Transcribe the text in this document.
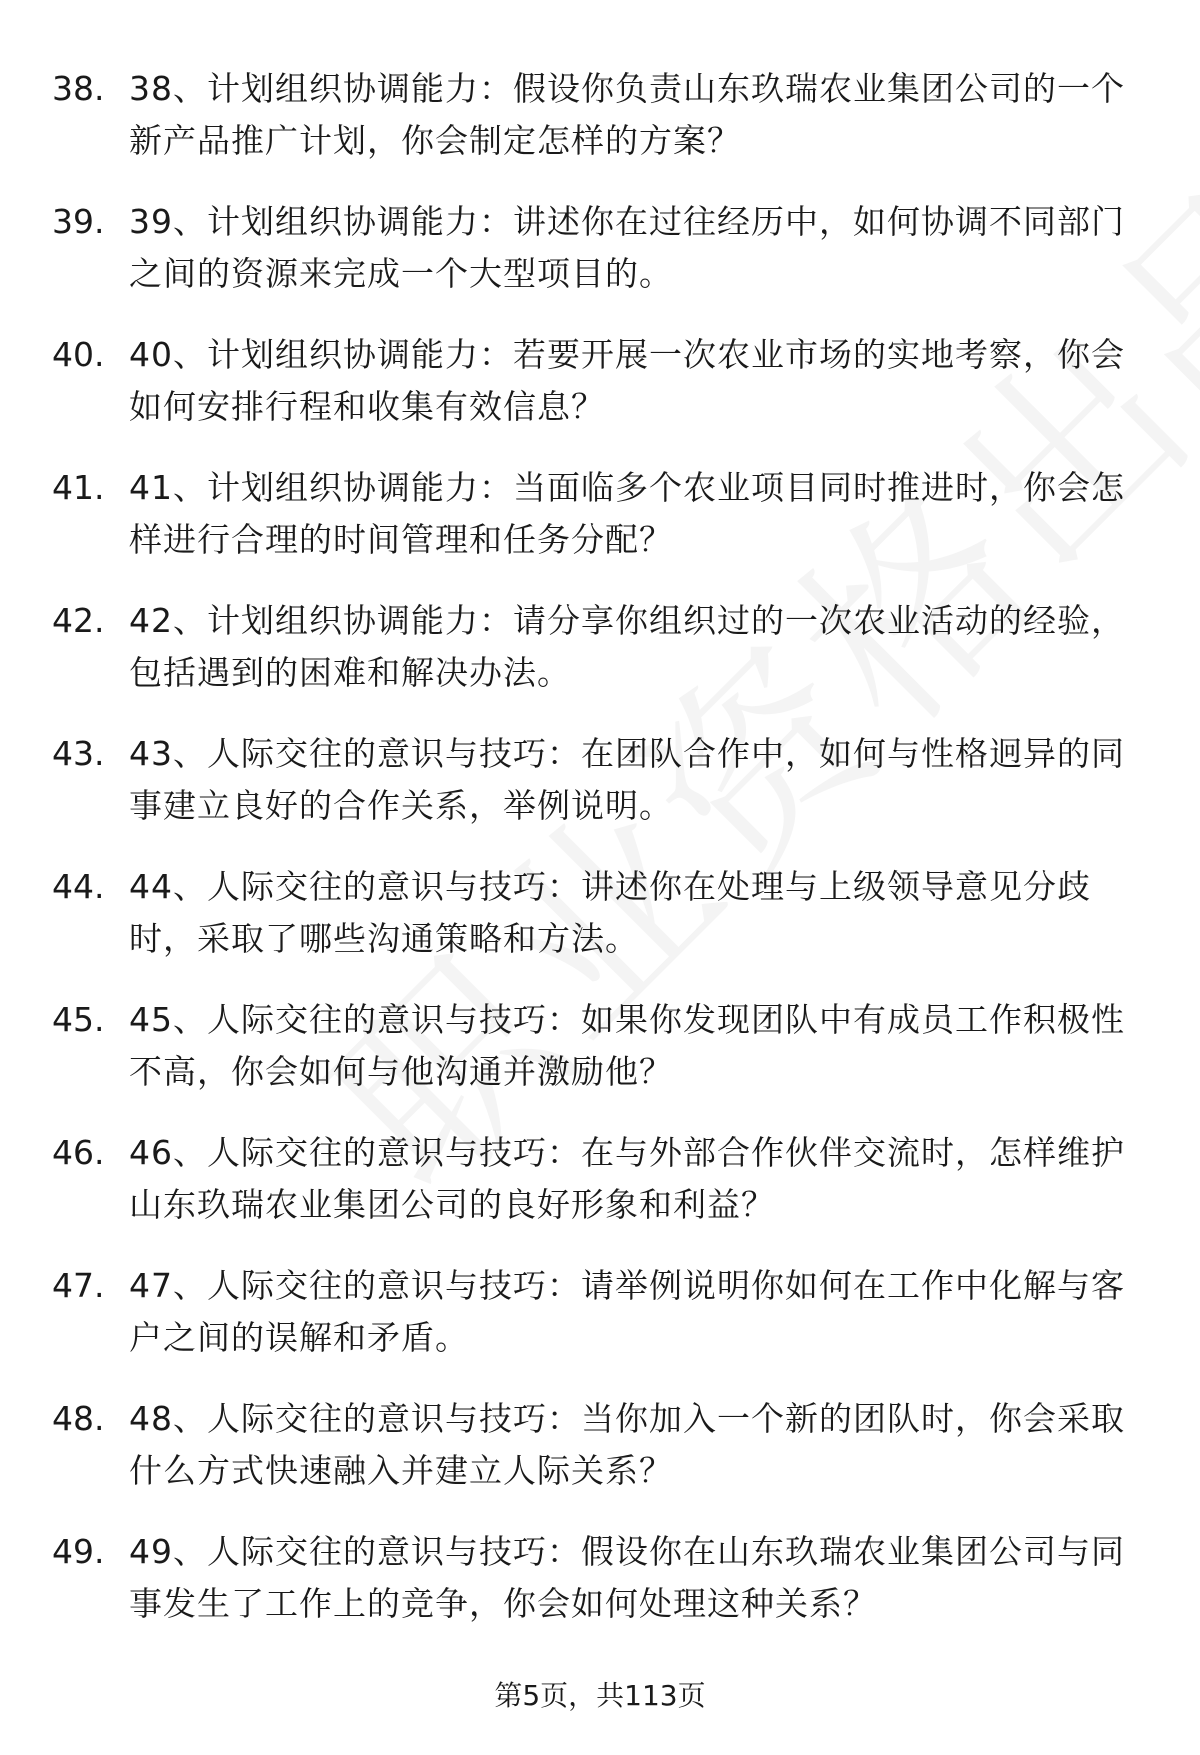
38. 38、计划组织协调能力：假设你负责山东玖瑞农业集团公司的一个新产品推广计划，你会制定怎样的方案？
39. 39、计划组织协调能力：讲述你在过往经历中，如何协调不同部门之间的资源来完成一个大型项目的。
40. 40、计划组织协调能力：若要开展一次农业市场的实地考察，你会如何安排行程和收集有效信息？
41. 41、计划组织协调能力：当面临多个农业项目同时推进时，你会怎样进行合理的时间管理和任务分配？
42. 42、计划组织协调能力：请分享你组织过的一次农业活动的经验，包括遇到的困难和解决办法。
43. 43、人际交往的意识与技巧：在团队合作中，如何与性格迥异的同事建立良好的合作关系，举例说明。
44. 44、人际交往的意识与技巧：讲述你在处理与上级领导意见分歧时，采取了哪些沟通策略和方法。
45. 45、人际交往的意识与技巧：如果你发现团队中有成员工作积极性不高，你会如何与他沟通并激励他？
46. 46、人际交往的意识与技巧：在与外部合作伙伴交流时，怎样维护山东玖瑞农业集团公司的良好形象和利益？
47. 47、人际交往的意识与技巧：请举例说明你如何在工作中化解与客户之间的误解和矛盾。
48. 48、人际交往的意识与技巧：当你加入一个新的团队时，你会采取什么方式快速融入并建立人际关系？
49. 49、人际交往的意识与技巧：假设你在山东玖瑞农业集团公司与同事发生了工作上的竞争，你会如何处理这种关系？
第5页，共113页
